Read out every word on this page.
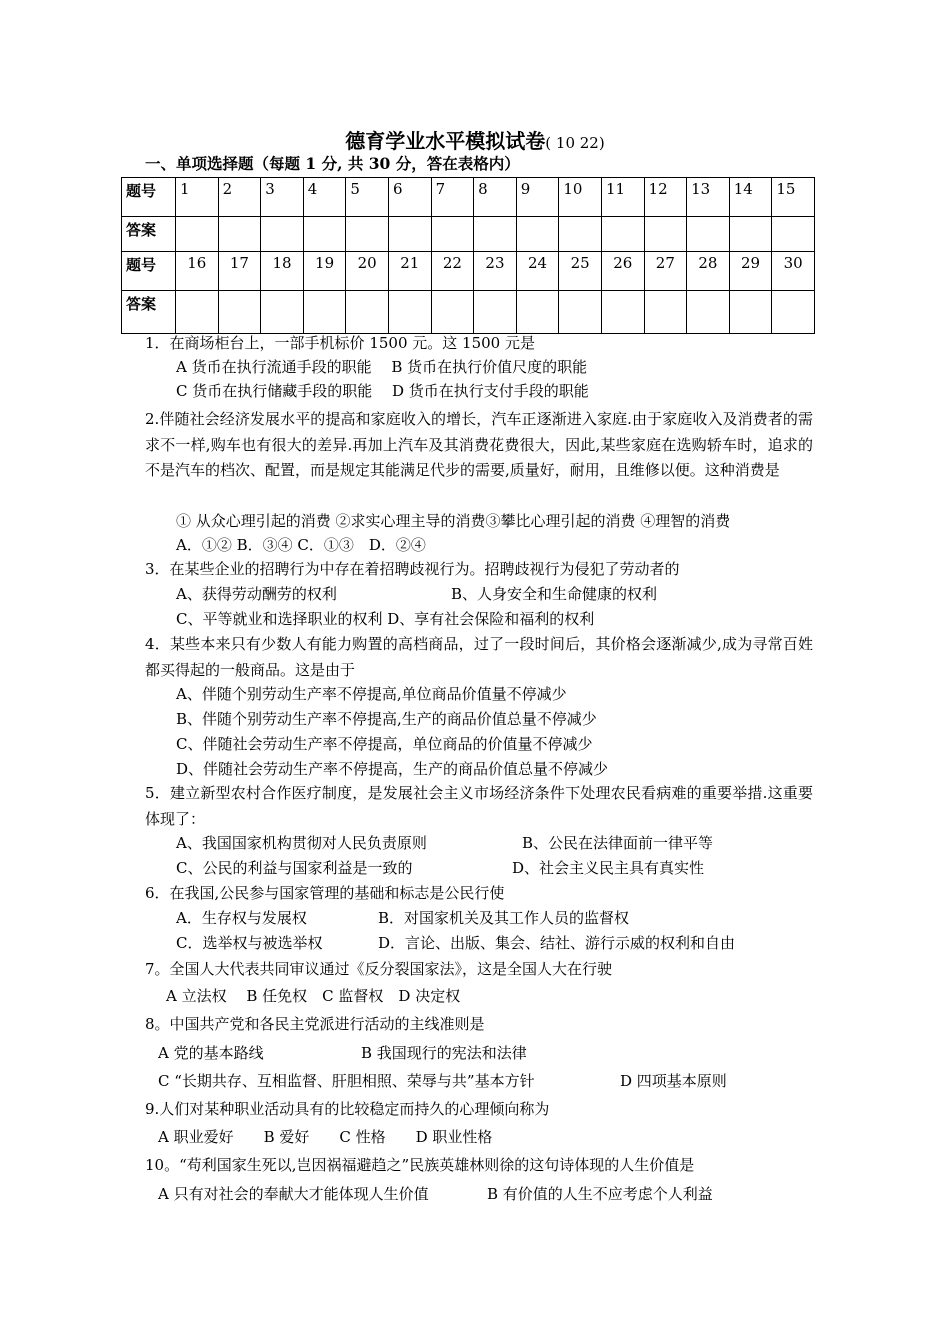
德育学业水平模拟试卷( 10 22)
一、单项选择题（每题 1 分, 共 30 分，答在表格内）
题号	1	2	3	4	5	6	7	8	9	10	11	12	13	14	15
答案															
题号	16	17	18	19	20	21	22	23	24	25	26	27	28	29	30
答案															
1．在商场柜台上，一部手机标价 1500 元。这 1500 元是
A 货币在执行流通手段的职能　 B 货币在执行价值尺度的职能
C 货币在执行储藏手段的职能　 D 货币在执行支付手段的职能
2.伴随社会经济发展水平的提高和家庭收入的增长，汽车正逐渐进入家庭.由于家庭收入及消费者的需求不一样,购车也有很大的差异.再加上汽车及其消费花费很大，因此,某些家庭在选购轿车时，追求的不是汽车的档次、配置，而是规定其能满足代步的需要,质量好，耐用，且维修以便。这种消费是
① 从众心理引起的消费 ②求实心理主导的消费③攀比心理引起的消费 ④理智的消费
A．①② B．③④ C．①③　D．②④
3．在某些企业的招聘行为中存在着招聘歧视行为。招聘歧视行为侵犯了劳动者的
A、获得劳动酬劳的权利	B、人身安全和生命健康的权利
C、平等就业和选择职业的权利 D、享有社会保险和福利的权利
4．某些本来只有少数人有能力购置的高档商品，过了一段时间后，其价格会逐渐减少,成为寻常百姓都买得起的一般商品。这是由于
A、伴随个别劳动生产率不停提高,单位商品价值量不停减少
B、伴随个别劳动生产率不停提高,生产的商品价值总量不停减少
C、伴随社会劳动生产率不停提高，单位商品的价值量不停减少
D、伴随社会劳动生产率不停提高，生产的商品价值总量不停减少
5．建立新型农村合作医疗制度，是发展社会主义市场经济条件下处理农民看病难的重要举措.这重要体现了：
A、我国国家机构贯彻对人民负责原则	B、公民在法律面前一律平等
C、公民的利益与国家利益是一致的	D、社会主义民主具有真实性
6．在我国,公民参与国家管理的基础和标志是公民行使
A．生存权与发展权	B．对国家机关及其工作人员的监督权
C．选举权与被选举权	D．言论、出版、集会、结社、游行示威的权利和自由
7。全国人大代表共同审议通过《反分裂国家法》，这是全国人大在行驶
A 立法权　 B 任免权　C 监督权　D 决定权
8。中国共产党和各民主党派进行活动的主线准则是
A 党的基本路线	B 我国现行的宪法和法律
C “长期共存、互相监督、肝胆相照、荣辱与共”基本方针	D 四项基本原则
9.人们对某种职业活动具有的比较稳定而持久的心理倾向称为
A 职业爱好　　B 爱好　　C 性格　　D 职业性格
10。“苟利国家生死以,岂因祸福避趋之”民族英雄林则徐的这句诗体现的人生价值是
A 只有对社会的奉献大才能体现人生价值	B 有价值的人生不应考虑个人利益
